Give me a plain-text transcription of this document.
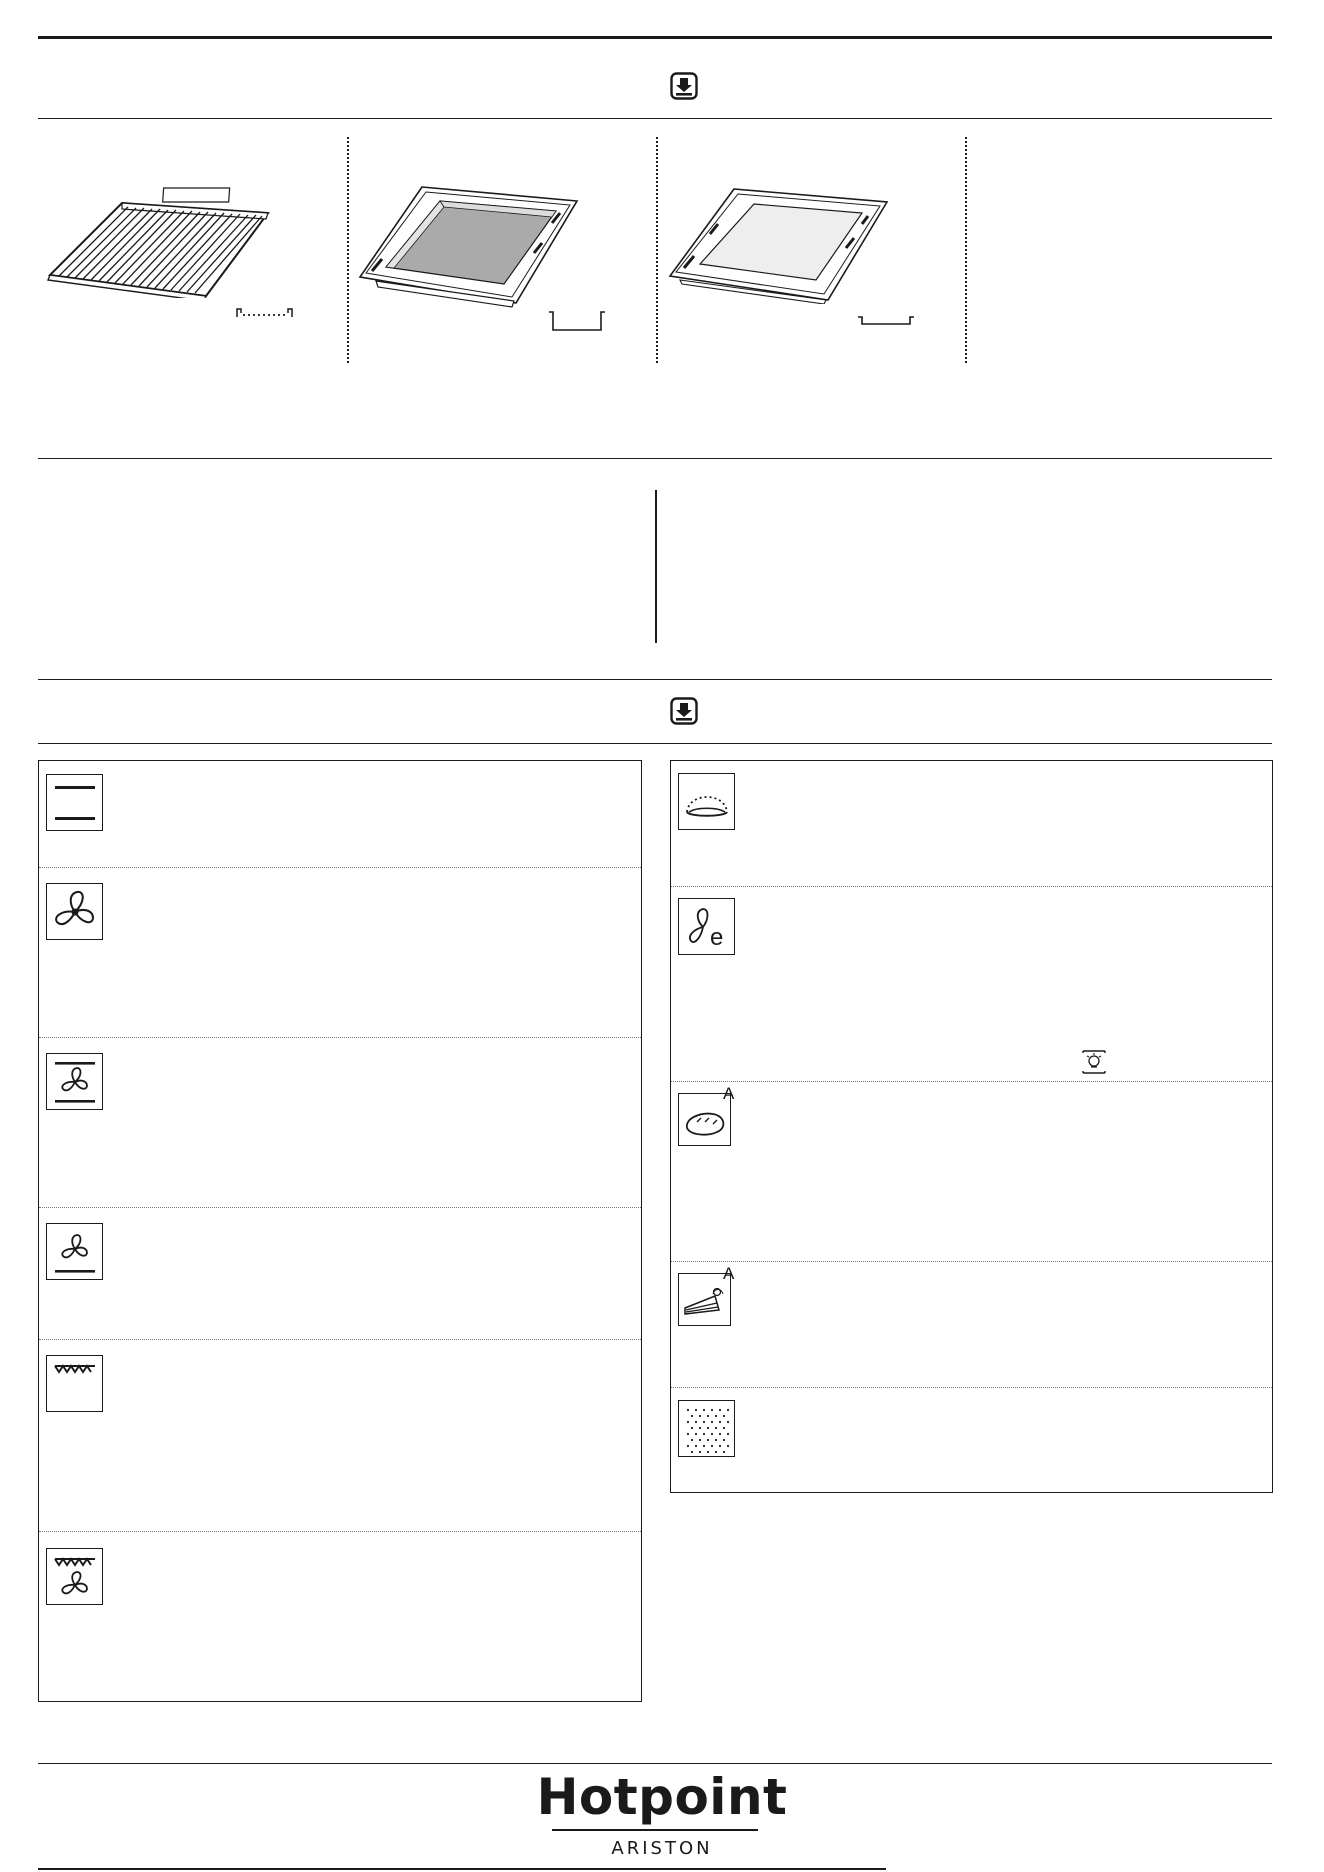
e
A
A
Hotpoint
ARISTON
